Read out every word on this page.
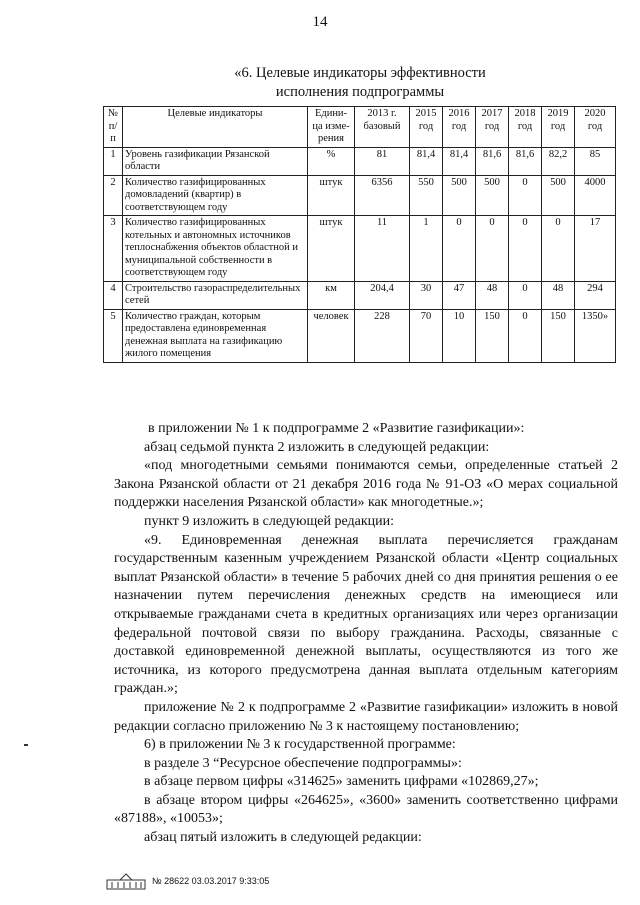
14
«6. Целевые индикаторы эффективности
исполнения подпрограммы
№ п/п	Целевые индикаторы	Едини-ца изме-рения	2013 г. базовый	2015 год	2016 год	2017 год	2018 год	2019 год	2020 год
1	Уровень газификации Рязанской области	%	81	81,4	81,4	81,6	81,6	82,2	85
2	Количество газифицированных домовладений (квартир) в соответствующем году	штук	6356	550	500	500	0	500	4000
3	Количество газифицированных котельных и автономных источников теплоснабжения объектов областной и муниципальной собственности в соответствующем году	штук	11	1	0	0	0	0	17
4	Строительство газораспределительных сетей	км	204,4	30	47	48	0	48	294
5	Количество граждан, которым предоставлена единовременная денежная выплата на газификацию жилого помещения	человек	228	70	10	150	0	150	1350»

в приложении № 1 к подпрограмме 2 «Развитие газификации»:

абзац седьмой пункта 2 изложить в следующей редакции:

«под многодетными семьями понимаются семьи, определенные статьей 2 Закона Рязанской области от 21 декабря 2016 года № 91-ОЗ «О мерах социальной поддержки населения Рязанской области» как многодетные.»;

пункт 9 изложить в следующей редакции:

«9. Единовременная денежная выплата перечисляется гражданам государственным казенным учреждением Рязанской области «Центр социальных выплат Рязанской области» в течение 5 рабочих дней со дня принятия решения о ее назначении путем перечисления денежных средств на имеющиеся или открываемые гражданами счета в кредитных организациях или через организации федеральной почтовой связи по выбору гражданина. Расходы, связанные с доставкой единовременной денежной выплаты, осуществляются из того же источника, из которого предусмотрена данная выплата отдельным категориям граждан.»;

приложение № 2 к подпрограмме 2 «Развитие газификации» изложить в новой редакции согласно приложению № 3 к настоящему постановлению;

6) в приложении № 3 к государственной программе:

в разделе 3 “Ресурсное обеспечение подпрограммы»:

в абзаце первом цифры «314625» заменить цифрами «102869,27»;

в абзаце втором цифры «264625», «3600» заменить соответственно цифрами «87188», «10053»;

абзац пятый изложить в следующей редакции:

№ 28622 03.03.2017 9:33:05
